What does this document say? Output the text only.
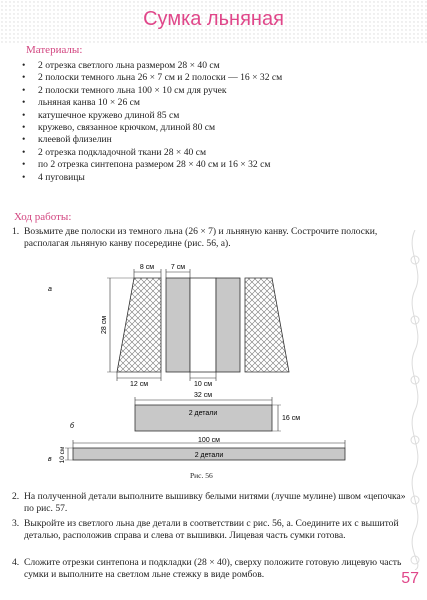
Сумка льняная
Материалы:
• 2 отрезка светлого льна размером 28 × 40 см
• 2 полоски темного льна 26 × 7 см и 2 полоски — 16 × 32 см
• 2 полоски темного льна 100 × 10 см для ручек
• льняная канва 10 × 26 см
• катушечное кружево длиной 85 см
• кружево, связанное крючком, длиной 80 см
• клеевой флизелин
• 2 отрезка подкладочной ткани 28 × 40 см
• по 2 отрезка синтепона размером 28 × 40 см и 16 × 32 см
• 4 пуговицы
Ход работы:
1. Возьмите две полоски из темного льна (26 × 7) и льняную канву. Сострочите полоски, располагая льняную канву посередине (рис. 56, а).
а
8 см 7 см
28 см
12 см	10 см
б
32 см
2 детали
16 см
100 см
2 детали
10 см
в
Рис. 56
2. На полученной детали выполните вышивку белыми нитями (лучше мулине) швом «цепочка» по рис. 57.
3. Выкройте из светлого льна две детали в соответствии с рис. 56, а. Соедините их с вышитой деталью, расположив справа и слева от вышивки. Лицевая часть сумки готова.
4. Сложите отрезки синтепона и подкладки (28 × 40), сверху положите готовую лицевую часть сумки и выполните на светлом льне стежку в виде ромбов.	57
